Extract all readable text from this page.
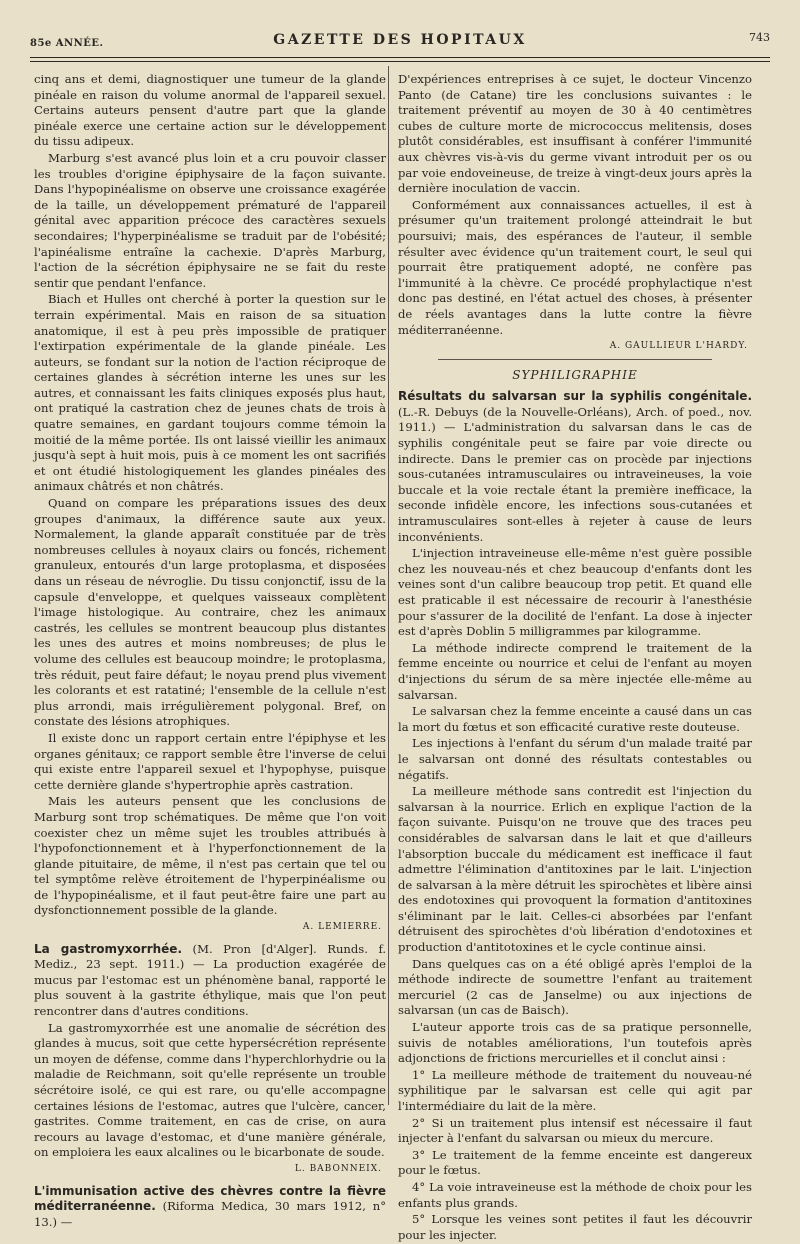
85e ANNÉE.	GAZETTE DES HOPITAUX	743

cinq ans et demi, diagnostiquer une tumeur de la glande pinéale en raison du volume anormal de l'appareil sexuel. Certains auteurs pensent d'autre part que la glande pinéale exerce une certaine action sur le développement du tissu adipeux.

Marburg s'est avancé plus loin et a cru pouvoir classer les troubles d'origine épiphysaire de la façon suivante. Dans l'hypopinéalisme on observe une croissance exagérée de la taille, un développement prématuré de l'appareil génital avec apparition précoce des caractères sexuels secondaires; l'hyperpinéalisme se traduit par de l'obésité; l'apinéalisme entraîne la cachexie. D'après Marburg, l'action de la sécrétion épiphysaire ne se fait du reste sentir que pendant l'enfance.

Biach et Hulles ont cherché à porter la question sur le terrain expérimental. Mais en raison de sa situation anatomique, il est à peu près impossible de pratiquer l'extirpation expérimentale de la glande pinéale. Les auteurs, se fondant sur la notion de l'action réciproque de certaines glandes à sécrétion interne les unes sur les autres, et connaissant les faits cliniques exposés plus haut, ont pratiqué la castration chez de jeunes chats de trois à quatre semaines, en gardant toujours comme témoin la moitié de la même portée. Ils ont laissé vieillir les animaux jusqu'à sept à huit mois, puis à ce moment les ont sacrifiés et ont étudié histologiquement les glandes pinéales des animaux châtrés et non châtrés.

Quand on compare les préparations issues des deux groupes d'animaux, la différence saute aux yeux. Normalement, la glande apparaît constituée par de très nombreuses cellules à noyaux clairs ou foncés, richement granuleux, entourés d'un large protoplasma, et disposées dans un réseau de névroglie. Du tissu conjonctif, issu de la capsule d'enveloppe, et quelques vaisseaux complètent l'image histologique. Au contraire, chez les animaux castrés, les cellules se montrent beaucoup plus distantes les unes des autres et moins nombreuses; de plus le volume des cellules est beaucoup moindre; le protoplasma, très réduit, peut faire défaut; le noyau prend plus vivement les colorants et est ratatiné; l'ensemble de la cellule n'est plus arrondi, mais irrégulièrement polygonal. Bref, on constate des lésions atrophiques.

Il existe donc un rapport certain entre l'épiphyse et les organes génitaux; ce rapport semble être l'inverse de celui qui existe entre l'appareil sexuel et l'hypophyse, puisque cette dernière glande s'hypertrophie après castration.

Mais les auteurs pensent que les conclusions de Marburg sont trop schématiques. De même que l'on voit coexister chez un même sujet les troubles attribués à l'hypofonctionnement et à l'hyperfonctionnement de la glande pituitaire, de même, il n'est pas certain que tel ou tel symptôme relève étroitement de l'hyperpinéalisme ou de l'hypopinéalisme, et il faut peut-être faire une part au dysfonctionnement possible de la glande.

A. LEMIERRE.

La gastromyxorrhée. (M. Pron [d'Alger]. Runds. f. Mediz., 23 sept. 1911.) — La production exagérée de mucus par l'estomac est un phénomène banal, rapporté le plus souvent à la gastrite éthylique, mais que l'on peut rencontrer dans d'autres conditions.

La gastromyxorrhée est une anomalie de sécrétion des glandes à mucus, soit que cette hypersécrétion représente un moyen de défense, comme dans l'hyperchlorhydrie ou la maladie de Reichmann, soit qu'elle représente un trouble sécrétoire isolé, ce qui est rare, ou qu'elle accompagne certaines lésions de l'estomac, autres que l'ulcère, cancer, gastrites. Comme traitement, en cas de crise, on aura recours au lavage d'estomac, et d'une manière générale, on emploiera les eaux alcalines ou le bicarbonate de soude.

L. BABONNEIX.

L'immunisation active des chèvres contre la fièvre méditerranéenne. (Riforma Medica, 30 mars 1912, n° 13.) —

D'expériences entreprises à ce sujet, le docteur Vincenzo Panto (de Catane) tire les conclusions suivantes : le traitement préventif au moyen de 30 à 40 centimètres cubes de culture morte de micrococcus melitensis, doses plutôt considérables, est insuffisant à conférer l'immunité aux chèvres vis-à-vis du germe vivant introduit per os ou par voie endoveineuse, de treize à vingt-deux jours après la dernière inoculation de vaccin.

Conformément aux connaissances actuelles, il est à présumer qu'un traitement prolongé atteindrait le but poursuivi; mais, des espérances de l'auteur, il semble résulter avec évidence qu'un traitement court, le seul qui pourrait être pratiquement adopté, ne confère pas l'immunité à la chèvre. Ce procédé prophylactique n'est donc pas destiné, en l'état actuel des choses, à présenter de réels avantages dans la lutte contre la fièvre méditerranéenne.

A. GAULLIEUR L'HARDY.
SYPHILIGRAPHIE

Résultats du salvarsan sur la syphilis congénitale. (L.-R. Debuys (de la Nouvelle-Orléans), Arch. of poed., nov. 1911.) — L'administration du salvarsan dans le cas de syphilis congénitale peut se faire par voie directe ou indirecte. Dans le premier cas on procède par injections sous-cutanées intramusculaires ou intraveineuses, la voie buccale et la voie rectale étant la première inefficace, la seconde infidèle encore, les infections sous-cutanées et intramusculaires sont-elles à rejeter à cause de leurs inconvénients.

L'injection intraveineuse elle-même n'est guère possible chez les nouveau-nés et chez beaucoup d'enfants dont les veines sont d'un calibre beaucoup trop petit. Et quand elle est praticable il est nécessaire de recourir à l'anesthésie pour s'assurer de la docilité de l'enfant. La dose à injecter est d'après Doblin 5 milligrammes par kilogramme.

La méthode indirecte comprend le traitement de la femme enceinte ou nourrice et celui de l'enfant au moyen d'injections du sérum de sa mère injectée elle-même au salvarsan.

Le salvarsan chez la femme enceinte a causé dans un cas la mort du fœtus et son efficacité curative reste douteuse.

Les injections à l'enfant du sérum d'un malade traité par le salvarsan ont donné des résultats contestables ou négatifs.

La meilleure méthode sans contredit est l'injection du salvarsan à la nourrice. Erlich en explique l'action de la façon suivante. Puisqu'on ne trouve que des traces peu considérables de salvarsan dans le lait et que d'ailleurs l'absorption buccale du médicament est inefficace il faut admettre l'élimination d'antitoxines par le lait. L'injection de salvarsan à la mère détruit les spirochètes et libère ainsi des endotoxines qui provoquent la formation d'antitoxines s'éliminant par le lait. Celles-ci absorbées par l'enfant détruisent des spirochètes d'où libération d'endotoxines et production d'antitotoxines et le cycle continue ainsi.

Dans quelques cas on a été obligé après l'emploi de la méthode indirecte de soumettre l'enfant au traitement mercuriel (2 cas de Janselme) ou aux injections de salvarsan (un cas de Baisch).

L'auteur apporte trois cas de sa pratique personnelle, suivis de notables améliorations, l'un toutefois après adjonctions de frictions mercurielles et il conclut ainsi :

1° La meilleure méthode de traitement du nouveau-né syphilitique par le salvarsan est celle qui agit par l'intermédiaire du lait de la mère.

2° Si un traitement plus intensif est nécessaire il faut injecter à l'enfant du salvarsan ou mieux du mercure.

3° Le traitement de la femme enceinte est dangereux pour le fœtus.

4° La voie intraveineuse est la méthode de choix pour les enfants plus grands.

5° Lorsque les veines sont petites il faut les découvrir pour les injecter.
